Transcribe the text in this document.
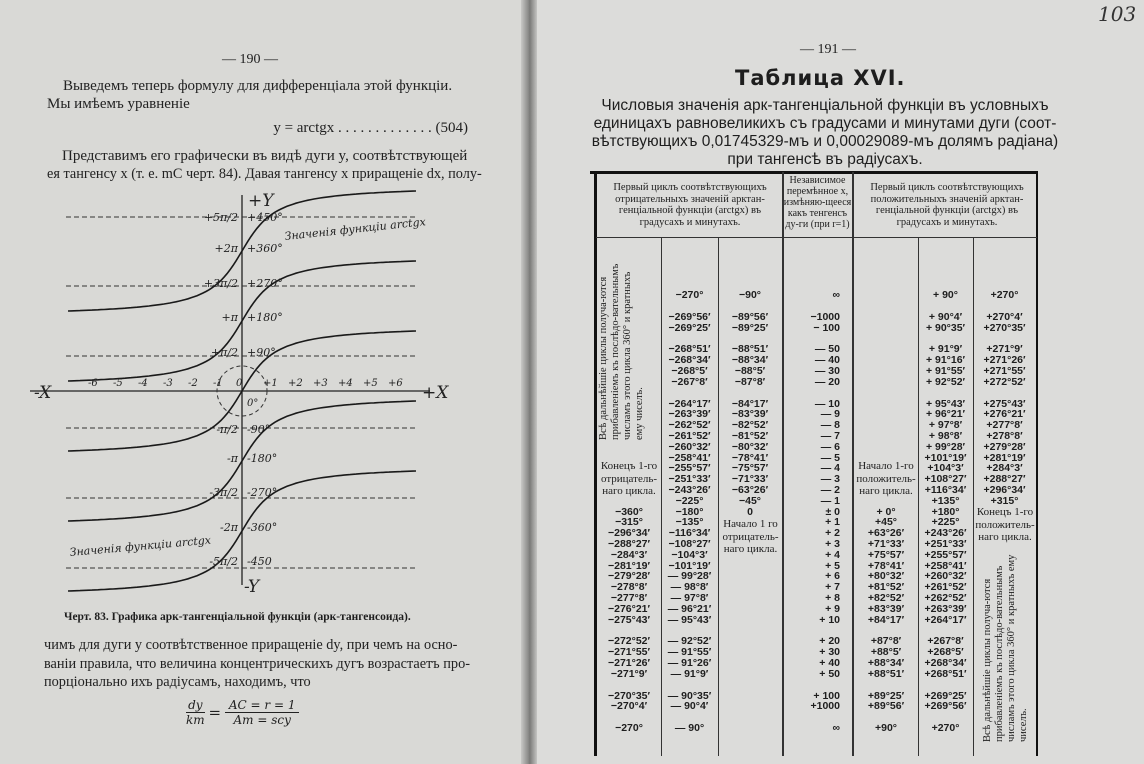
— 190 —
Выведемъ теперь формулу для дифференціала этой функціи.
Мы имѣемъ уравненіе
y = arctgx . . . . . . . . . . . . . (504)
Представимъ его графически въ видѣ дуги y, соотвѣтствующей
ея тангенсу x (т. е. mC черт. 84). Давая тангенсу x приращеніе dx, полу-
-6 -5 -4 -3 -2 -1 0 +1 +2 +3 +4 +5 +6
+5π/2 +450°
+2π +360°
+3π/2 +270°
+π +180°
+π/2 +90°
-π/2 -90°
-π -180°
-3π/2 -270°
-2π -360°
-5π/2 -450
+Y
-Y
-X	+X
0°
Значенія функціи arctgx
Значенія функціи arctgx
Черт. 83. Графика арк-тангенціальной функціи (арк-тангенсоида).
чимъ для дуги y соотвѣтственное приращеніе dy, при чемъ на осно-
ваніи правила, что величина концентрическихъ дугъ возрастаетъ про-
порціонально ихъ радіусамъ, находимъ, что
$\frac{dy}{km}$ = AC = r = 1
Am = scy
103
— 191 —
Таблица XVI.
Числовыя значенія арк-тангенціальной функціи въ условныхъ
единицахъ равновеликихъ съ градусами и минутами дуги (соот-
вѣтствующихъ 0,01745329-мъ и 0,00029089-мъ долямъ радіана)
при тангенсѣ въ радіусахъ.
Первый циклъ соотвѣтствующихъ отрицательныхъ значеній арктан-генціальной функціи (arctgx) въ градусахъ и минутахъ.
Независимое перемѣнное x, измѣняю-щееся какъ тенгенсъ ду-ги (при r=1)
Первый циклъ соотвѣтствующихъ положительныхъ значеній арктан-генціальной функціи (arctgx) въ градусахъ и минутахъ.
Всѣ дальнѣйшіе циклы получа-ются прибавленіемъ къ послѣдо-вательнымъ числамъ этого цикла 360° и кратныхъ ему чиселъ.
Конецъ 1-го отрицатель-наго цикла.
Начало 1 го отрицатель-наго цикла.
Начало 1-го положитель-наго цикла.
Конецъ 1-го положитель-наго цикла.
Всѣ дальнѣйшіе циклы получа-ются прибавленіемъ къ послѣдо-вательнымъ числамъ этого цикла 360° и кратныхъ ему чиселъ.
−270°	−90°	∞	+ 90°	+270°
−269°56′	−89°56′	−1000	+ 90°4′	+270°4′
−269°25′	−89°25′	− 100	+ 90°35′	+270°35′
−268°51′	−88°51′	— 50	+ 91°9′	+271°9′
−268°34′	−88°34′	— 40	+ 91°16′	+271°26′
−268°5′	−88°5′	— 30	+ 91°55′	+271°55′
−267°8′	−87°8′	— 20	+ 92°52′	+272°52′
−264°17′	−84°17′	— 10	+ 95°43′	+275°43′
−263°39′	−83°39′	— 9	+ 96°21′	+276°21′
−262°52′	−82°52′	— 8	+ 97°8′	+277°8′
−261°52′	−81°52′	— 7	+ 98°8′	+278°8′
−260°32′	−80°32′	— 6	+ 99°28′	+279°28′
−258°41′	−78°41′	— 5	+101°19′	+281°19′
−255°57′	−75°57′	— 4	+104°3′	+284°3′
−251°33′	−71°33′	— 3	+108°27′	+288°27′
−243°26′	−63°26′	— 2	+116°34′	+296°34′
−225°	−45°	— 1	+135°	+315°
−360°	−180°	0	± 0	+ 0°	+180°
−315°	−135°	+ 1	+45°	+225°
−296°34′	−116°34′	+ 2	+63°26′	+243°26′
−288°27′	−108°27′	+ 3	+71°33′	+251°33′
−284°3′	−104°3′	+ 4	+75°57′	+255°57′
−281°19′	−101°19′	+ 5	+78°41′	+258°41′
−279°28′	— 99°28′	+ 6	+80°32′	+260°32′
−278°8′	— 98°8′	+ 7	+81°52′	+261°52′
−277°8′	— 97°8′	+ 8	+82°52′	+262°52′
−276°21′	— 96°21′	+ 9	+83°39′	+263°39′
−275°43′	— 95°43′	+ 10	+84°17′	+264°17′
−272°52′	— 92°52′	+ 20	+87°8′	+267°8′
−271°55′	— 91°55′	+ 30	+88°5′	+268°5′
−271°26′	— 91°26′	+ 40	+88°34′	+268°34′
−271°9′	— 91°9′	+ 50	+88°51′	+268°51′
−270°35′	— 90°35′	+ 100	+89°25′	+269°25′
−270°4′	— 90°4′	+1000	+89°56′	+269°56′
−270°	— 90°	∞	+90°	+270°
